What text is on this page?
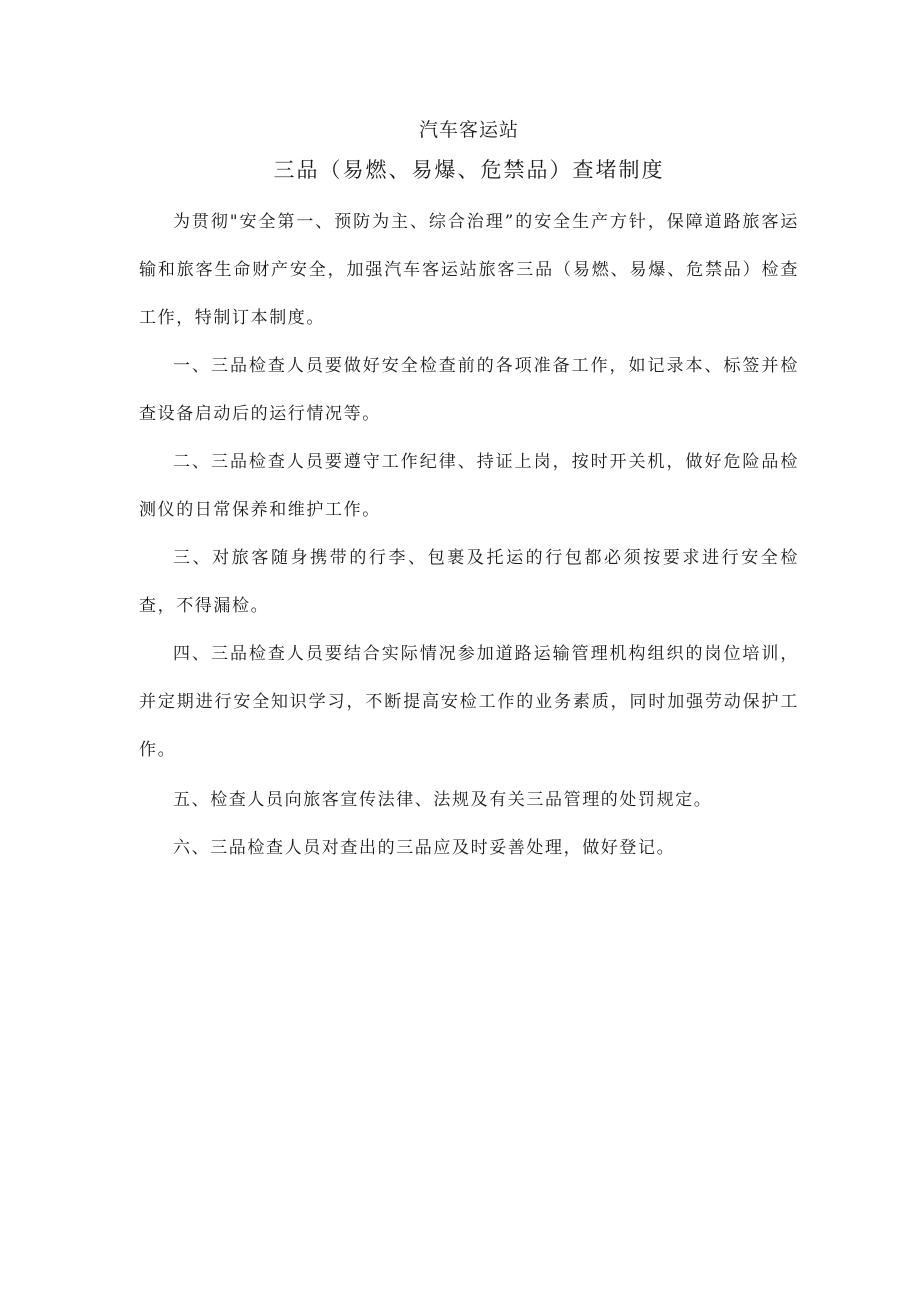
汽车客运站
三品（易燃、易爆、危禁品）查堵制度

为贯彻"安全第一、预防为主、综合治理”的安全生产方针，保障道路旅客运输和旅客生命财产安全，加强汽车客运站旅客三品（易燃、易爆、危禁品）检查工作，特制订本制度。

一、三品检查人员要做好安全检查前的各项准备工作，如记录本、标签并检查设备启动后的运行情况等。

二、三品检查人员要遵守工作纪律、持证上岗，按时开关机，做好危险品检测仪的日常保养和维护工作。

三、对旅客随身携带的行李、包裹及托运的行包都必须按要求进行安全检查，不得漏检。

四、三品检查人员要结合实际情况参加道路运输管理机构组织的岗位培训，并定期进行安全知识学习，不断提高安检工作的业务素质，同时加强劳动保护工作。

五、检查人员向旅客宣传法律、法规及有关三品管理的处罚规定。

六、三品检查人员对查出的三品应及时妥善处理，做好登记。
